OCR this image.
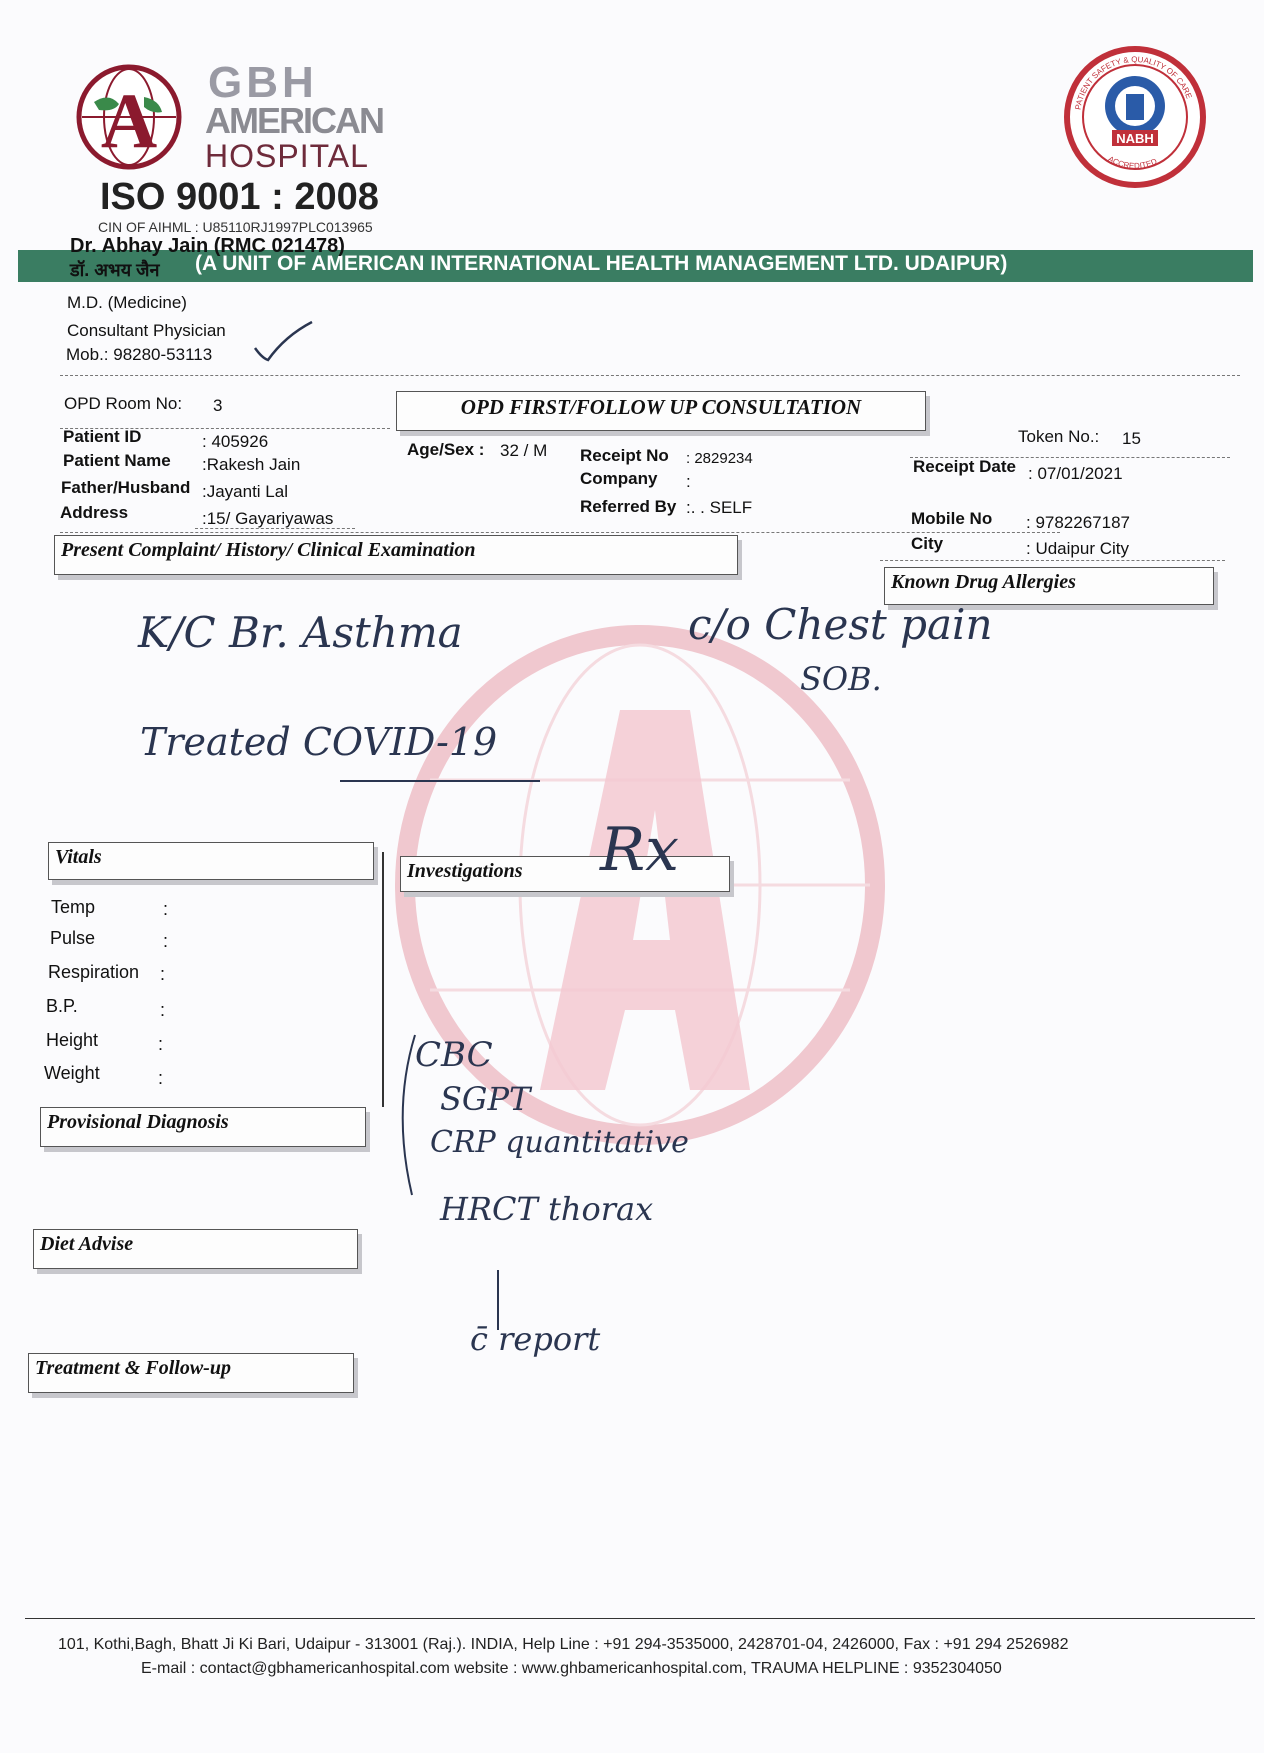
A GBH
AMERICAN
HOSPITAL
ISO 9001 : 2008
CIN OF AIHML : U85110RJ1997PLC013965
NABH
PATIENT SAFETY & QUALITY OF CARE
ACCREDITED
(A UNIT OF AMERICAN INTERNATIONAL HEALTH MANAGEMENT LTD. UDAIPUR)
Dr. Abhay Jain (RMC 021478)
डॉ. अभय जैन
M.D. (Medicine)
Consultant Physician
Mob.: 98280-53113
OPD Room No: 3	OPD FIRST/FOLLOW UP CONSULTATION
Token No.: 15
Patient ID	: 405926
Patient Name :Rakesh Jain
Father/Husband :Jayanti Lal
Address	:15/ Gayariyawas
Age/Sex : 32 / M Receipt No : 2829234
Company :
Referred By :. . SELF
Receipt Date : 07/01/2021
Mobile No : 9782267187
City	: Udaipur City
Present Complaint/ History/ Clinical Examination
Known Drug Allergies
Vitals
Investigations
Provisional Diagnosis
Diet Advise
Treatment & Follow-up
Temp	:
Pulse	:
Respiration :
B.P.	:
Height	:
Weight	:
K/C Br. Asthma	c/o Chest pain
SOB.
Treated COVID-19
Rx
CBC
SGPT
CRP quantitative
HRCT thorax
c̄ report
101, Kothi,Bagh, Bhatt Ji Ki Bari, Udaipur - 313001 (Raj.). INDIA, Help Line : +91 294-3535000, 2428701-04, 2426000, Fax : +91 294 2526982
E-mail : contact@gbhamericanhospital.com website : www.ghbamericanhospital.com, TRAUMA HELPLINE : 9352304050
